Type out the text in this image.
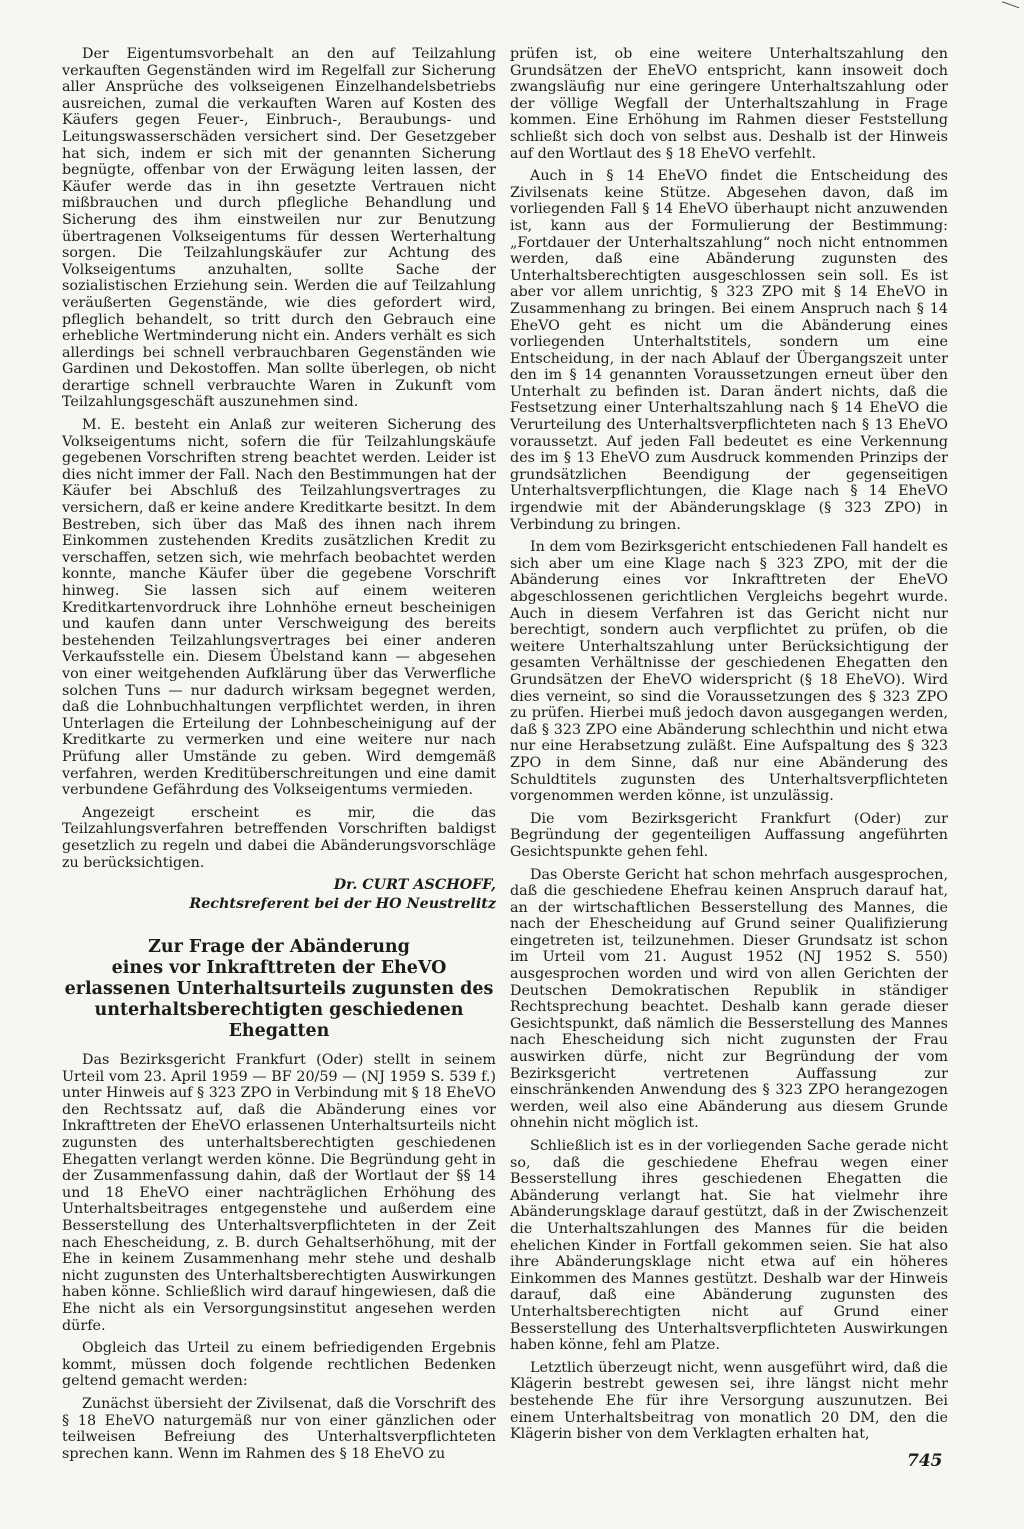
Der Eigentumsvorbehalt an den auf Teilzahlung verkauften Gegenständen wird im Regelfall zur Sicherung aller Ansprüche des volkseigenen Einzelhandelsbetriebs ausreichen, zumal die verkauften Waren auf Kosten des Käufers gegen Feuer-, Einbruch-, Beraubungs- und Leitungswasserschäden versichert sind. Der Gesetzgeber hat sich, indem er sich mit der genannten Sicherung begnügte, offenbar von der Erwägung leiten lassen, der Käufer werde das in ihn gesetzte Vertrauen nicht mißbrauchen und durch pflegliche Behandlung und Sicherung des ihm einstweilen nur zur Benutzung übertragenen Volkseigentums für dessen Werterhaltung sorgen. Die Teilzahlungskäufer zur Achtung des Volkseigentums anzuhalten, sollte Sache der sozialistischen Erziehung sein. Werden die auf Teilzahlung veräußerten Gegenstände, wie dies gefordert wird, pfleglich behandelt, so tritt durch den Gebrauch eine erhebliche Wertminderung nicht ein. Anders verhält es sich allerdings bei schnell verbrauchbaren Gegenständen wie Gardinen und Dekostoffen. Man sollte überlegen, ob nicht derartige schnell verbrauchte Waren in Zukunft vom Teilzahlungsgeschäft auszunehmen sind.

M. E. besteht ein Anlaß zur weiteren Sicherung des Volkseigentums nicht, sofern die für Teilzahlungskäufe gegebenen Vorschriften streng beachtet werden. Leider ist dies nicht immer der Fall. Nach den Bestimmungen hat der Käufer bei Abschluß des Teilzahlungsvertrages zu versichern, daß er keine andere Kreditkarte besitzt. In dem Bestreben, sich über das Maß des ihnen nach ihrem Einkommen zustehenden Kredits zusätzlichen Kredit zu verschaffen, setzen sich, wie mehrfach beobachtet werden konnte, manche Käufer über die gegebene Vorschrift hinweg. Sie lassen sich auf einem weiteren Kreditkartenvordruck ihre Lohnhöhe erneut bescheinigen und kaufen dann unter Verschweigung des bereits bestehenden Teilzahlungsvertrages bei einer anderen Verkaufsstelle ein. Diesem Übelstand kann — abgesehen von einer weitgehenden Aufklärung über das Verwerfliche solchen Tuns — nur dadurch wirksam begegnet werden, daß die Lohnbuchhaltungen verpflichtet werden, in ihren Unterlagen die Erteilung der Lohnbescheinigung auf der Kreditkarte zu vermerken und eine weitere nur nach Prüfung aller Umstände zu geben. Wird demgemäß verfahren, werden Kreditüberschreitungen und eine damit verbundene Gefährdung des Volkseigentums vermieden.

Angezeigt erscheint es mir, die das Teilzahlungsverfahren betreffenden Vorschriften baldigst gesetzlich zu regeln und dabei die Abänderungsvorschläge zu berücksichtigen.

Dr. CURT ASCHOFF,
Rechtsreferent bei der HO Neustrelitz
Zur Frage der Abänderung
eines vor Inkrafttreten der EheVO
erlassenen Unterhaltsurteils zugunsten des
unterhaltsberechtigten geschiedenen Ehegatten

Das Bezirksgericht Frankfurt (Oder) stellt in seinem Urteil vom 23. April 1959 — BF 20/59 — (NJ 1959 S. 539 f.) unter Hinweis auf § 323 ZPO in Verbindung mit § 18 EheVO den Rechtssatz auf, daß die Abänderung eines vor Inkrafttreten der EheVO erlassenen Unterhaltsurteils nicht zugunsten des unterhaltsberechtigten geschiedenen Ehegatten verlangt werden könne. Die Begründung geht in der Zusammenfassung dahin, daß der Wortlaut der §§ 14 und 18 EheVO einer nachträglichen Erhöhung des Unterhaltsbeitrages entgegenstehe und außerdem eine Besserstellung des Unterhaltsverpflichteten in der Zeit nach Ehescheidung, z. B. durch Gehaltserhöhung, mit der Ehe in keinem Zusammenhang mehr stehe und deshalb nicht zugunsten des Unterhaltsberechtigten Auswirkungen haben könne. Schließlich wird darauf hingewiesen, daß die Ehe nicht als ein Versorgungsinstitut angesehen werden dürfe.

Obgleich das Urteil zu einem befriedigenden Ergebnis kommt, müssen doch folgende rechtlichen Bedenken geltend gemacht werden:

Zunächst übersieht der Zivilsenat, daß die Vorschrift des § 18 EheVO naturgemäß nur von einer gänzlichen oder teilweisen Befreiung des Unterhaltsverpflichteten sprechen kann. Wenn im Rahmen des § 18 EheVO zu

prüfen ist, ob eine weitere Unterhaltszahlung den Grundsätzen der EheVO entspricht, kann insoweit doch zwangsläufig nur eine geringere Unterhaltszahlung oder der völlige Wegfall der Unterhaltszahlung in Frage kommen. Eine Erhöhung im Rahmen dieser Feststellung schließt sich doch von selbst aus. Deshalb ist der Hinweis auf den Wortlaut des § 18 EheVO verfehlt.

Auch in § 14 EheVO findet die Entscheidung des Zivilsenats keine Stütze. Abgesehen davon, daß im vorliegenden Fall § 14 EheVO überhaupt nicht anzuwenden ist, kann aus der Formulierung der Bestimmung: „Fortdauer der Unterhaltszahlung“ noch nicht entnommen werden, daß eine Abänderung zugunsten des Unterhaltsberechtigten ausgeschlossen sein soll. Es ist aber vor allem unrichtig, § 323 ZPO mit § 14 EheVO in Zusammenhang zu bringen. Bei einem Anspruch nach § 14 EheVO geht es nicht um die Abänderung eines vorliegenden Unterhaltstitels, sondern um eine Entscheidung, in der nach Ablauf der Übergangszeit unter den im § 14 genannten Voraussetzungen erneut über den Unterhalt zu befinden ist. Daran ändert nichts, daß die Festsetzung einer Unterhaltszahlung nach § 14 EheVO die Verurteilung des Unterhaltsverpflichteten nach § 13 EheVO voraussetzt. Auf jeden Fall bedeutet es eine Verkennung des im § 13 EheVO zum Ausdruck kommenden Prinzips der grundsätzlichen Beendigung der gegenseitigen Unterhaltsverpflichtungen, die Klage nach § 14 EheVO irgendwie mit der Abänderungsklage (§ 323 ZPO) in Verbindung zu bringen.

In dem vom Bezirksgericht entschiedenen Fall handelt es sich aber um eine Klage nach § 323 ZPO, mit der die Abänderung eines vor Inkrafttreten der EheVO abgeschlossenen gerichtlichen Vergleichs begehrt wurde. Auch in diesem Verfahren ist das Gericht nicht nur berechtigt, sondern auch verpflichtet zu prüfen, ob die weitere Unterhaltszahlung unter Berücksichtigung der gesamten Verhältnisse der geschiedenen Ehegatten den Grundsätzen der EheVO widerspricht (§ 18 EheVO). Wird dies verneint, so sind die Voraussetzungen des § 323 ZPO zu prüfen. Hierbei muß jedoch davon ausgegangen werden, daß § 323 ZPO eine Abänderung schlechthin und nicht etwa nur eine Herabsetzung zuläßt. Eine Aufspaltung des § 323 ZPO in dem Sinne, daß nur eine Abänderung des Schuldtitels zugunsten des Unterhaltsverpflichteten vorgenommen werden könne, ist unzulässig.

Die vom Bezirksgericht Frankfurt (Oder) zur Begründung der gegenteiligen Auffassung angeführten Gesichtspunkte gehen fehl.

Das Oberste Gericht hat schon mehrfach ausgesprochen, daß die geschiedene Ehefrau keinen Anspruch darauf hat, an der wirtschaftlichen Besserstellung des Mannes, die nach der Ehescheidung auf Grund seiner Qualifizierung eingetreten ist, teilzunehmen. Dieser Grundsatz ist schon im Urteil vom 21. August 1952 (NJ 1952 S. 550) ausgesprochen worden und wird von allen Gerichten der Deutschen Demokratischen Republik in ständiger Rechtsprechung beachtet. Deshalb kann gerade dieser Gesichtspunkt, daß nämlich die Besserstellung des Mannes nach Ehescheidung sich nicht zugunsten der Frau auswirken dürfe, nicht zur Begründung der vom Bezirksgericht vertretenen Auffassung zur einschränkenden Anwendung des § 323 ZPO herangezogen werden, weil also eine Abänderung aus diesem Grunde ohnehin nicht möglich ist.

Schließlich ist es in der vorliegenden Sache gerade nicht so, daß die geschiedene Ehefrau wegen einer Besserstellung ihres geschiedenen Ehegatten die Abänderung verlangt hat. Sie hat vielmehr ihre Abänderungsklage darauf gestützt, daß in der Zwischenzeit die Unterhaltszahlungen des Mannes für die beiden ehelichen Kinder in Fortfall gekommen seien. Sie hat also ihre Abänderungsklage nicht etwa auf ein höheres Einkommen des Mannes gestützt. Deshalb war der Hinweis darauf, daß eine Abänderung zugunsten des Unterhaltsberechtigten nicht auf Grund einer Besserstellung des Unterhaltsverpflichteten Auswirkungen haben könne, fehl am Platze.

Letztlich überzeugt nicht, wenn ausgeführt wird, daß die Klägerin bestrebt gewesen sei, ihre längst nicht mehr bestehende Ehe für ihre Versorgung auszunutzen. Bei einem Unterhaltsbeitrag von monatlich 20 DM, den die Klägerin bisher von dem Verklagten erhalten hat,

745
